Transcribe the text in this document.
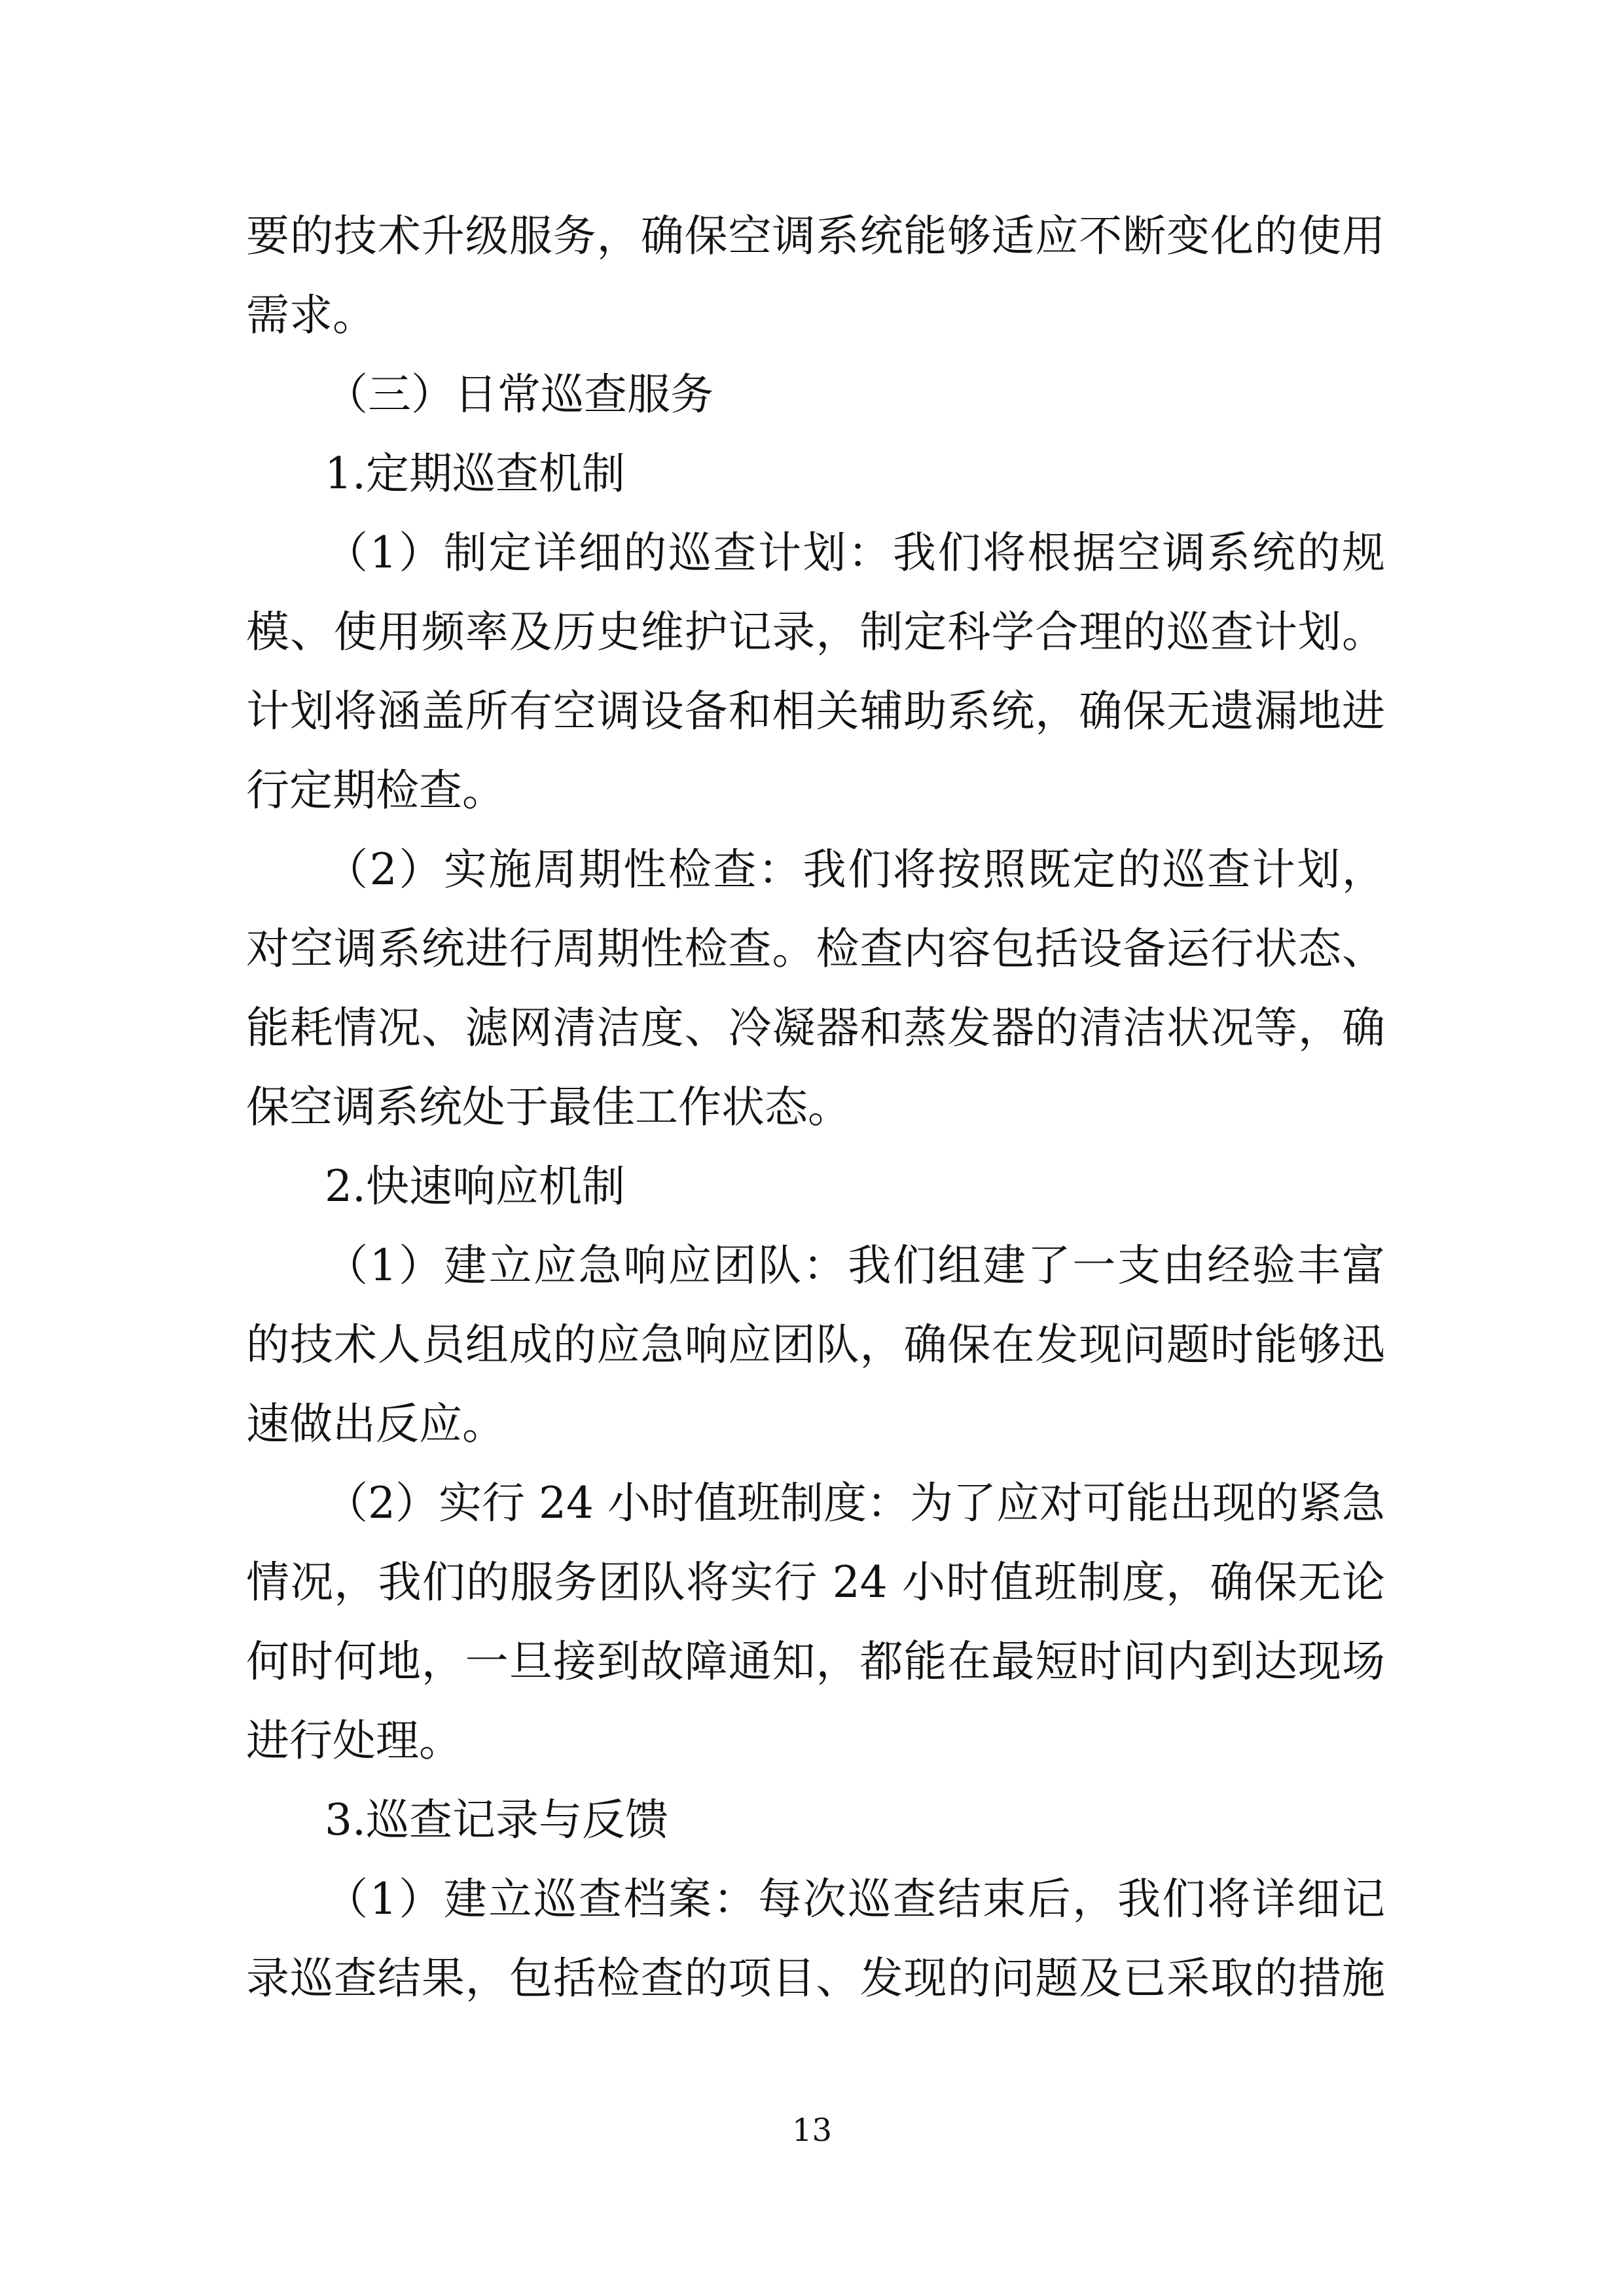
要的技术升级服务，确保空调系统能够适应不断变化的使用
需求。
（三）日常巡查服务
1.定期巡查机制
（1）制定详细的巡查计划：我们将根据空调系统的规
模、使用频率及历史维护记录，制定科学合理的巡查计划。
计划将涵盖所有空调设备和相关辅助系统，确保无遗漏地进
行定期检查。
（2）实施周期性检查：我们将按照既定的巡查计划，
对空调系统进行周期性检查。检查内容包括设备运行状态、
能耗情况、滤网清洁度、冷凝器和蒸发器的清洁状况等，确
保空调系统处于最佳工作状态。
2.快速响应机制
（1）建立应急响应团队：我们组建了一支由经验丰富
的技术人员组成的应急响应团队，确保在发现问题时能够迅
速做出反应。
（2）实行 24 小时值班制度：为了应对可能出现的紧急
情况，我们的服务团队将实行 24 小时值班制度，确保无论
何时何地，一旦接到故障通知，都能在最短时间内到达现场
进行处理。
3.巡查记录与反馈
（1）建立巡查档案：每次巡查结束后，我们将详细记
录巡查结果，包括检查的项目、发现的问题及已采取的措施
13
